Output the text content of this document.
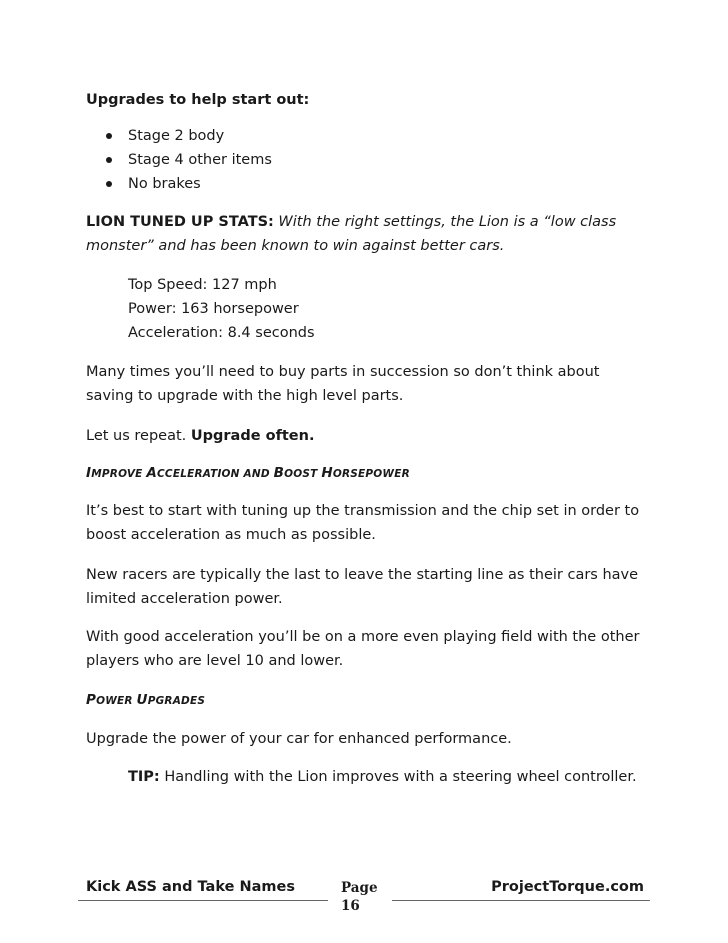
Upgrades to help start out:

Stage 2 body
Stage 4 other items
No brakes

LION TUNED UP STATS: With the right settings, the Lion is a “low class monster” and has been known to win against better cars.

Top Speed: 127 mph

Power: 163 horsepower

Acceleration: 8.4 seconds

Many times you’ll need to buy parts in succession so don’t think about saving to upgrade with the high level parts.

Let us repeat. Upgrade often.

IMPROVE ACCELERATION AND BOOST HORSEPOWER

It’s best to start with tuning up the transmission and the chip set in order to boost acceleration as much as possible.

New racers are typically the last to leave the starting line as their cars have limited acceleration power.

With good acceleration you’ll be on a more even playing field with the other players who are level 10 and lower.

POWER UPGRADES

Upgrade the power of your car for enhanced performance.

TIP: Handling with the Lion improves with a steering wheel controller.

Kick ASS and Take Names	Page
16
ProjectTorque.com
